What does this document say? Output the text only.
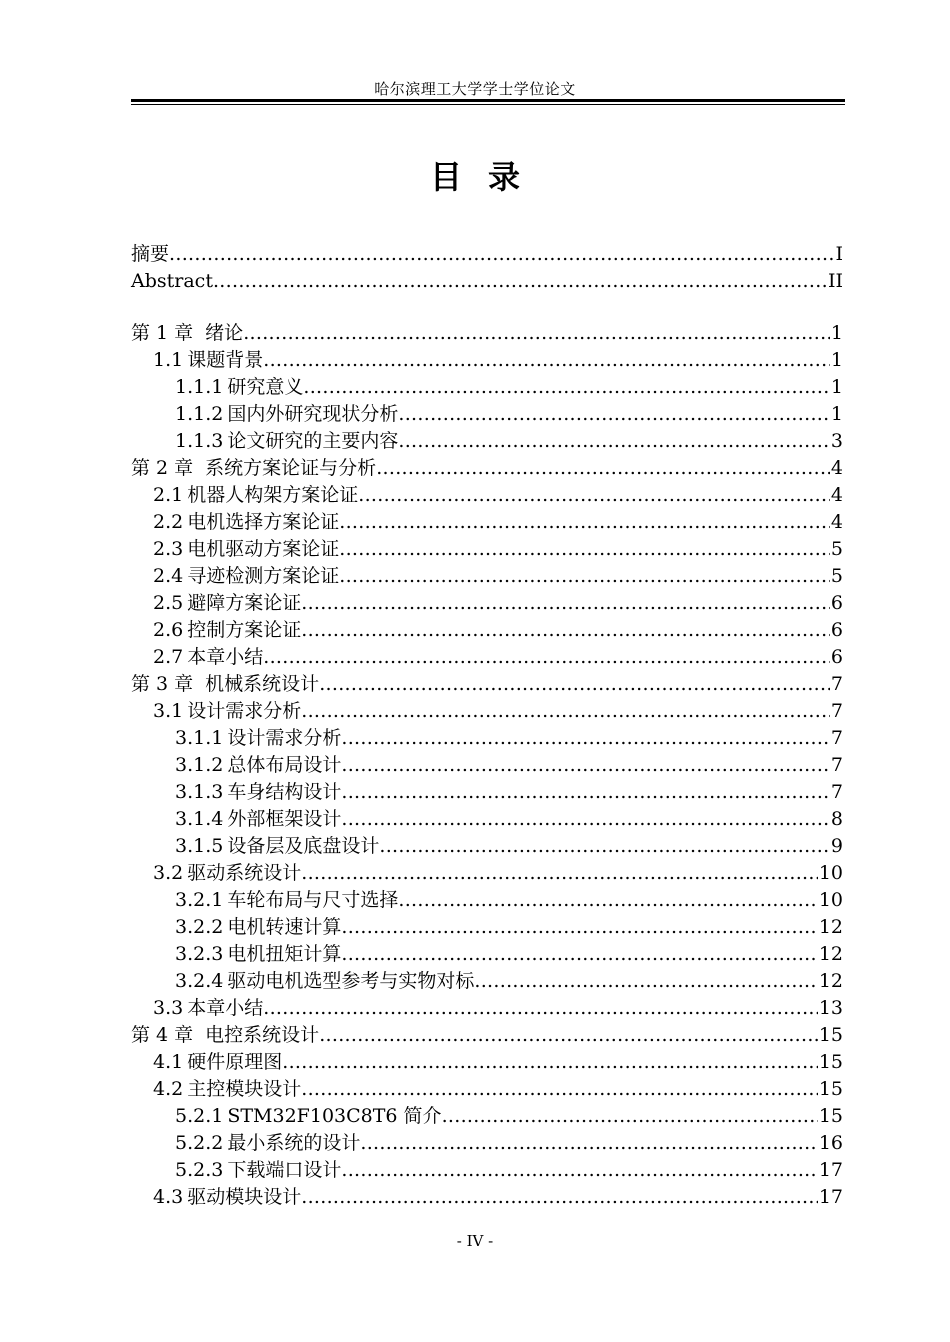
哈尔滨理工大学学士学位论文
目录
摘要 .....	I
Abstract .....	II
第 1 章 绪论 .....	1
1.1 课题背景 .....	1
1.1.1 研究意义 .....	1
1.1.2 国内外研究现状分析 .....	1
1.1.3 论文研究的主要内容 .....	3
第 2 章 系统方案论证与分析 .....	4
2.1 机器人构架方案论证 .....	4
2.2 电机选择方案论证 .....	4
2.3 电机驱动方案论证 .....	5
2.4 寻迹检测方案论证 .....	5
2.5 避障方案论证 .....	6
2.6 控制方案论证 .....	6
2.7 本章小结 .....	6
第 3 章 机械系统设计 .....	7
3.1 设计需求分析 .....	7
3.1.1 设计需求分析 .....	7
3.1.2 总体布局设计 .....	7
3.1.3 车身结构设计 .....	7
3.1.4 外部框架设计 .....	8
3.1.5 设备层及底盘设计 .....	9
3.2 驱动系统设计 .....	10
3.2.1 车轮布局与尺寸选择 .....	10
3.2.2 电机转速计算 .....	12
3.2.3 电机扭矩计算 .....	12
3.2.4 驱动电机选型参考与实物对标 .....	12
3.3 本章小结 .....	13
第 4 章 电控系统设计 .....	15
4.1 硬件原理图 .....	15
4.2 主控模块设计 .....	15
5.2.1 STM32F103C8T6 简介 .....	15
5.2.2 最小系统的设计 .....	16
5.2.3 下载端口设计 .....	17
4.3 驱动模块设计 .....	17
- IV -
